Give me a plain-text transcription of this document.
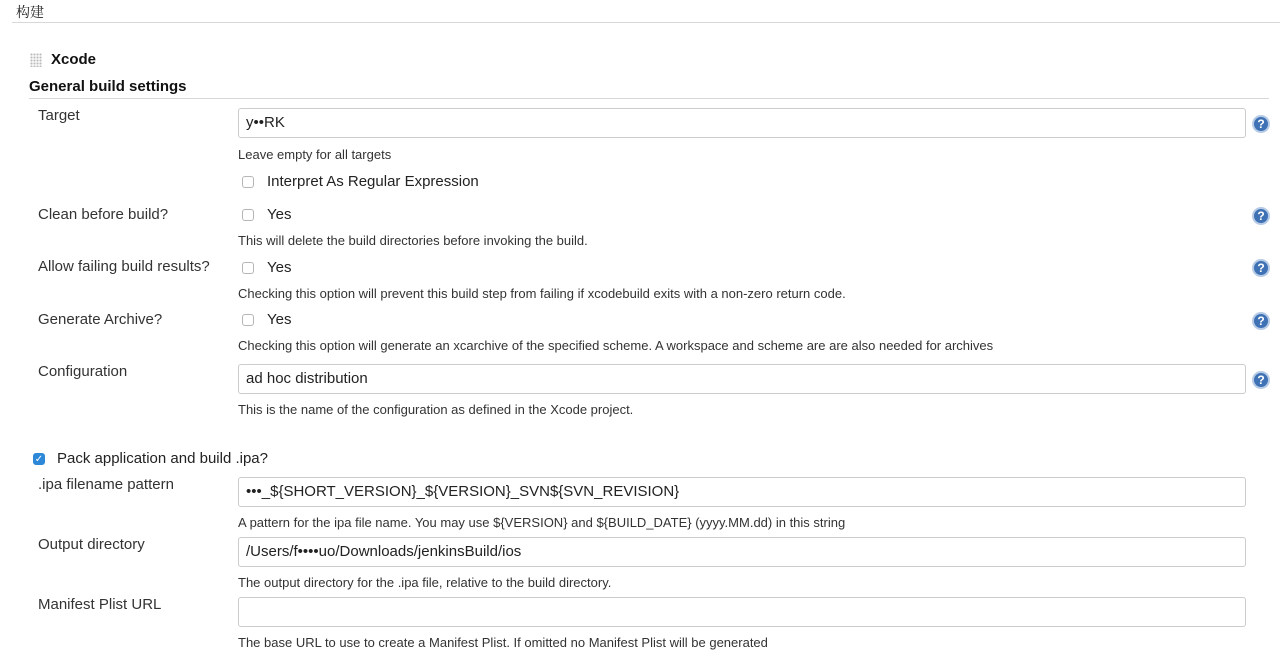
构建
Xcode
General build settings
Target	y••RK	?
Leave empty for all targets
Interpret As Regular Expression
Clean before build?	Yes	?
This will delete the build directories before invoking the build.
Allow failing build results?	Yes	?
Checking this option will prevent this build step from failing if xcodebuild exits with a non-zero return code.
Generate Archive?	Yes	?
Checking this option will generate an xcarchive of the specified scheme. A workspace and scheme are are also needed for archives
Configuration	ad hoc distribution	?
This is the name of the configuration as defined in the Xcode project.
✓ Pack application and build .ipa?
.ipa filename pattern	•••_${SHORT_VERSION}_${VERSION}_SVN${SVN_REVISION}
A pattern for the ipa file name. You may use ${VERSION} and ${BUILD_DATE} (yyyy.MM.dd) in this string
Output directory	/Users/f••••uo/Downloads/jenkinsBuild/ios
The output directory for the .ipa file, relative to the build directory.
Manifest Plist URL
The base URL to use to create a Manifest Plist. If omitted no Manifest Plist will be generated
